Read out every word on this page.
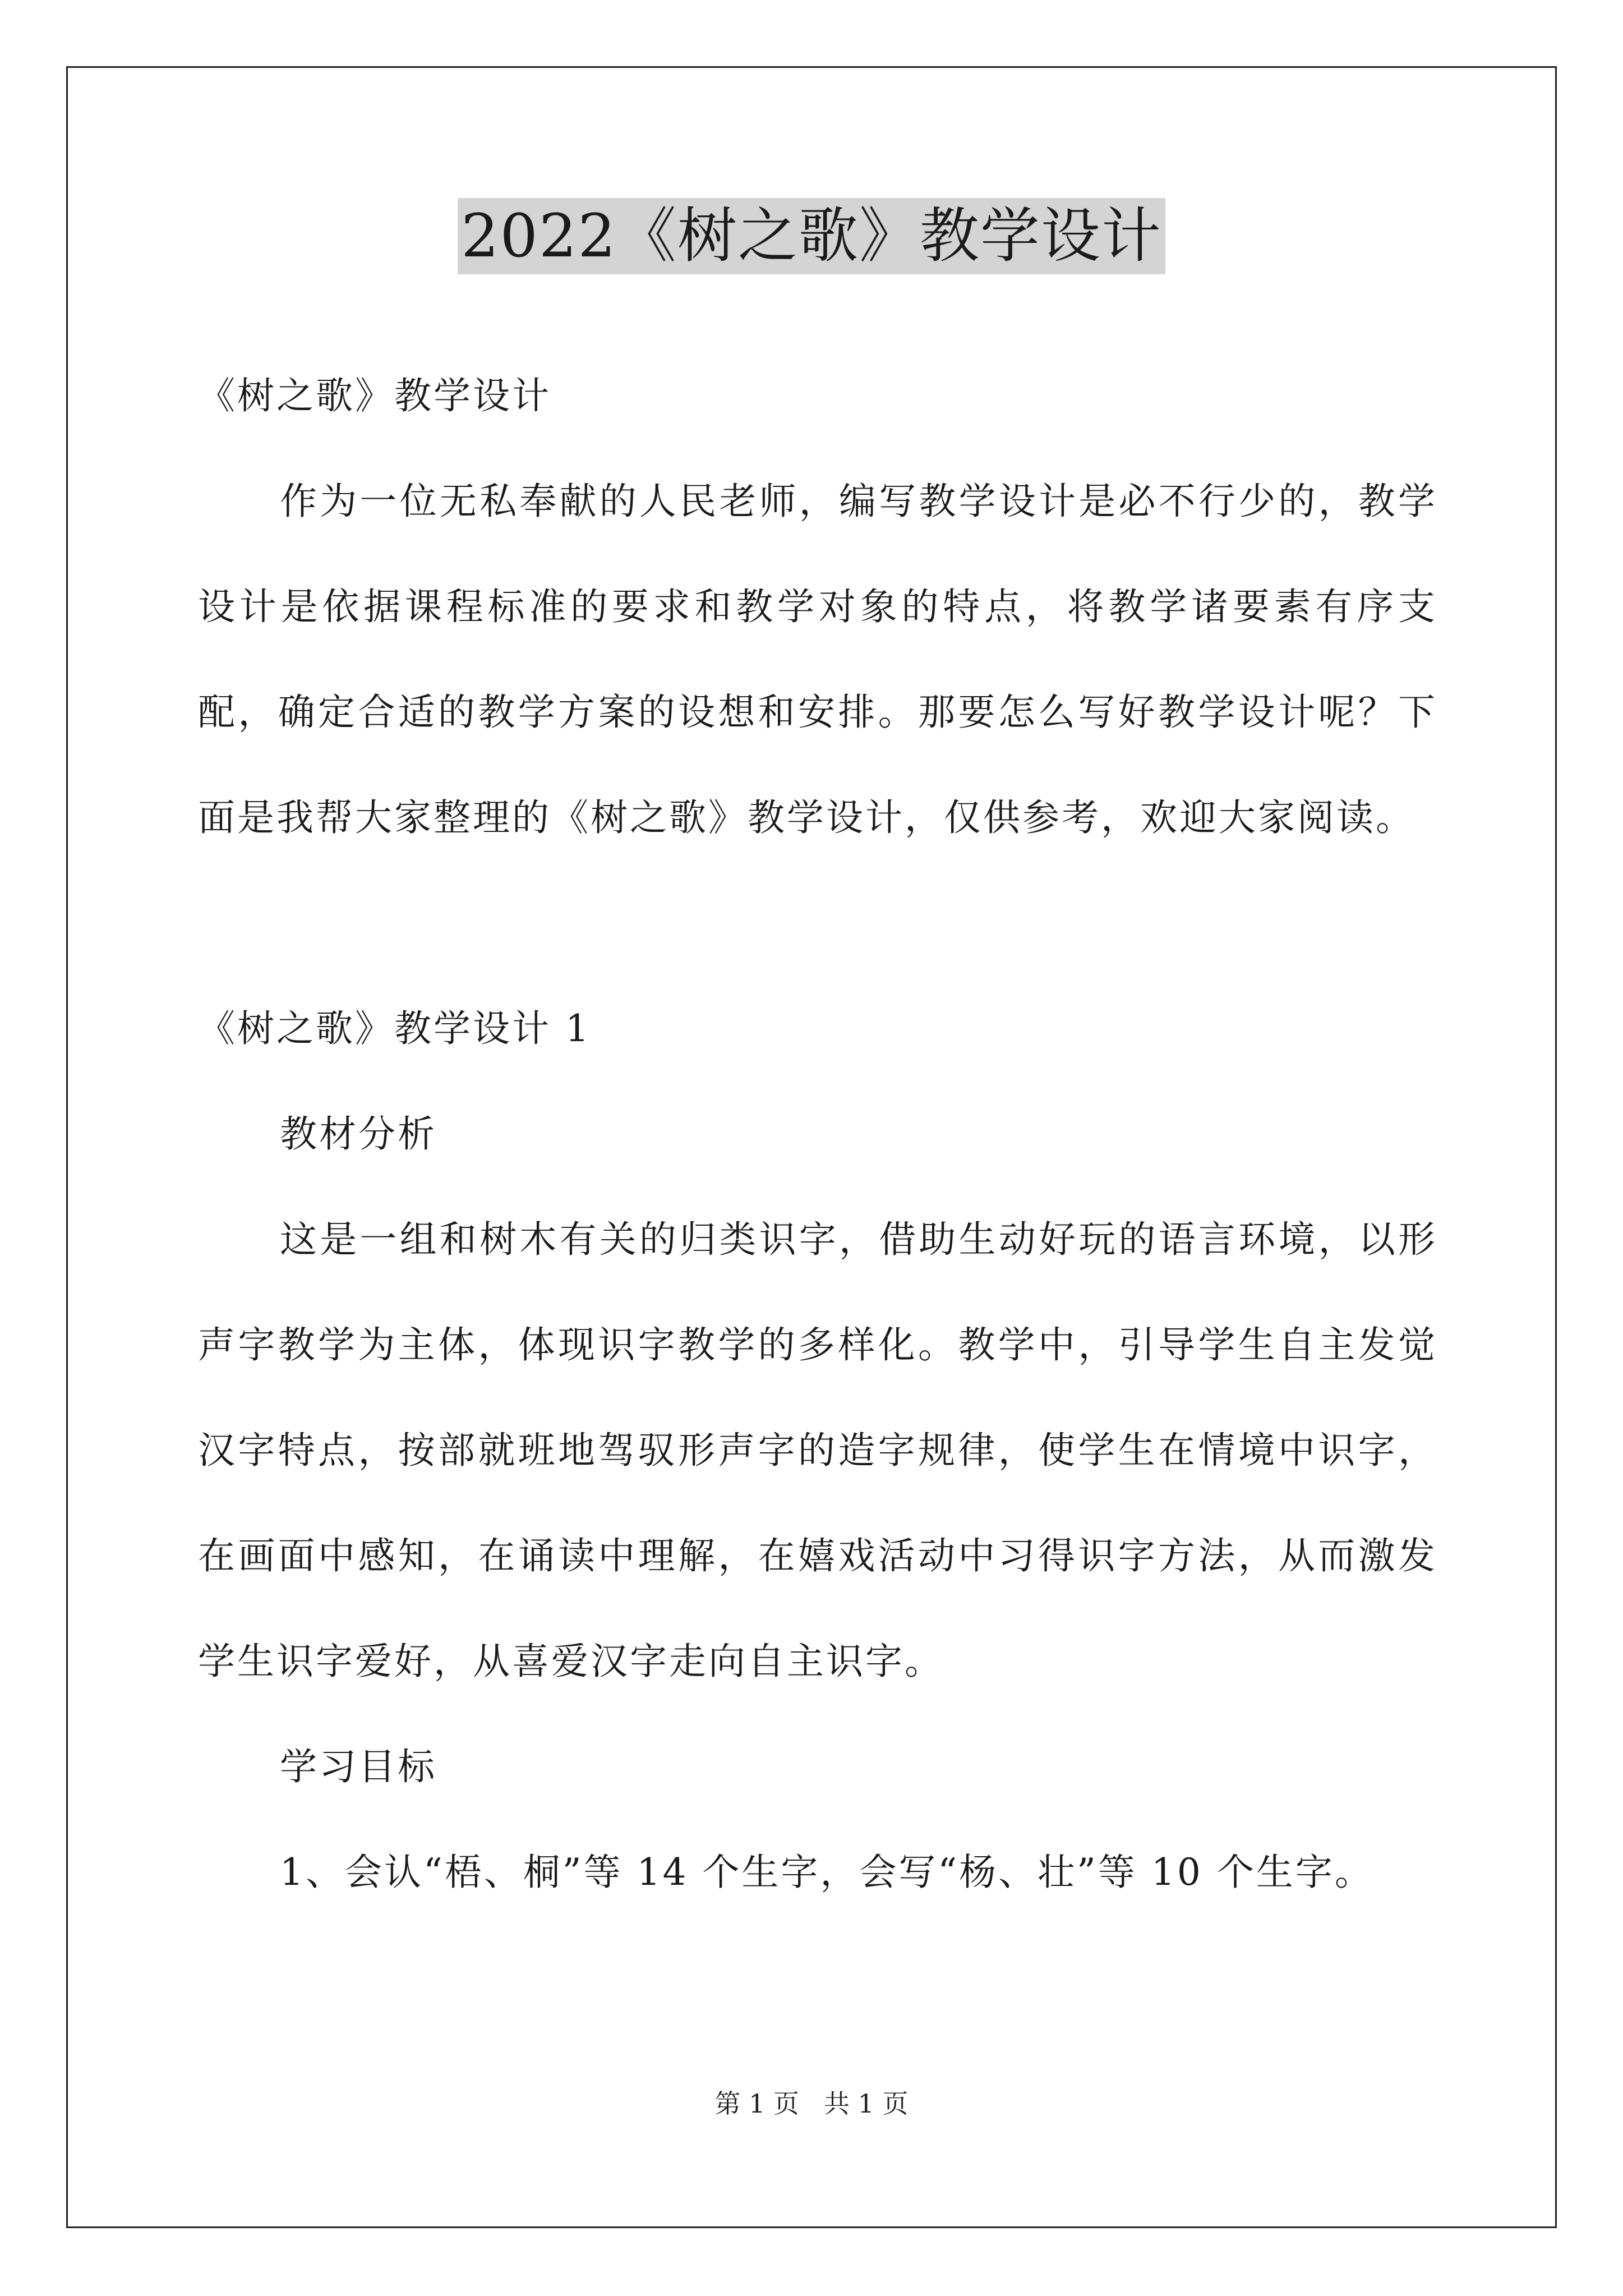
2022《树之歌》教学设计

《树之歌》教学设计

作为一位无私奉献的人民老师，编写教学设计是必不行少的，教学设计是依据课程标准的要求和教学对象的特点，将教学诸要素有序支配，确定合适的教学方案的设想和安排。那要怎么写好教学设计呢？下面是我帮大家整理的《树之歌》教学设计，仅供参考，欢迎大家阅读。

《树之歌》教学设计 1

教材分析

这是一组和树木有关的归类识字，借助生动好玩的语言环境，以形声字教学为主体，体现识字教学的多样化。教学中，引导学生自主发觉汉字特点，按部就班地驾驭形声字的造字规律，使学生在情境中识字，在画面中感知，在诵读中理解，在嬉戏活动中习得识字方法，从而激发学生识字爱好，从喜爱汉字走向自主识字。

学习目标

1、会认“梧、桐”等 14 个生字，会写“杨、壮”等 10 个生字。

第 1 页 共 1 页
